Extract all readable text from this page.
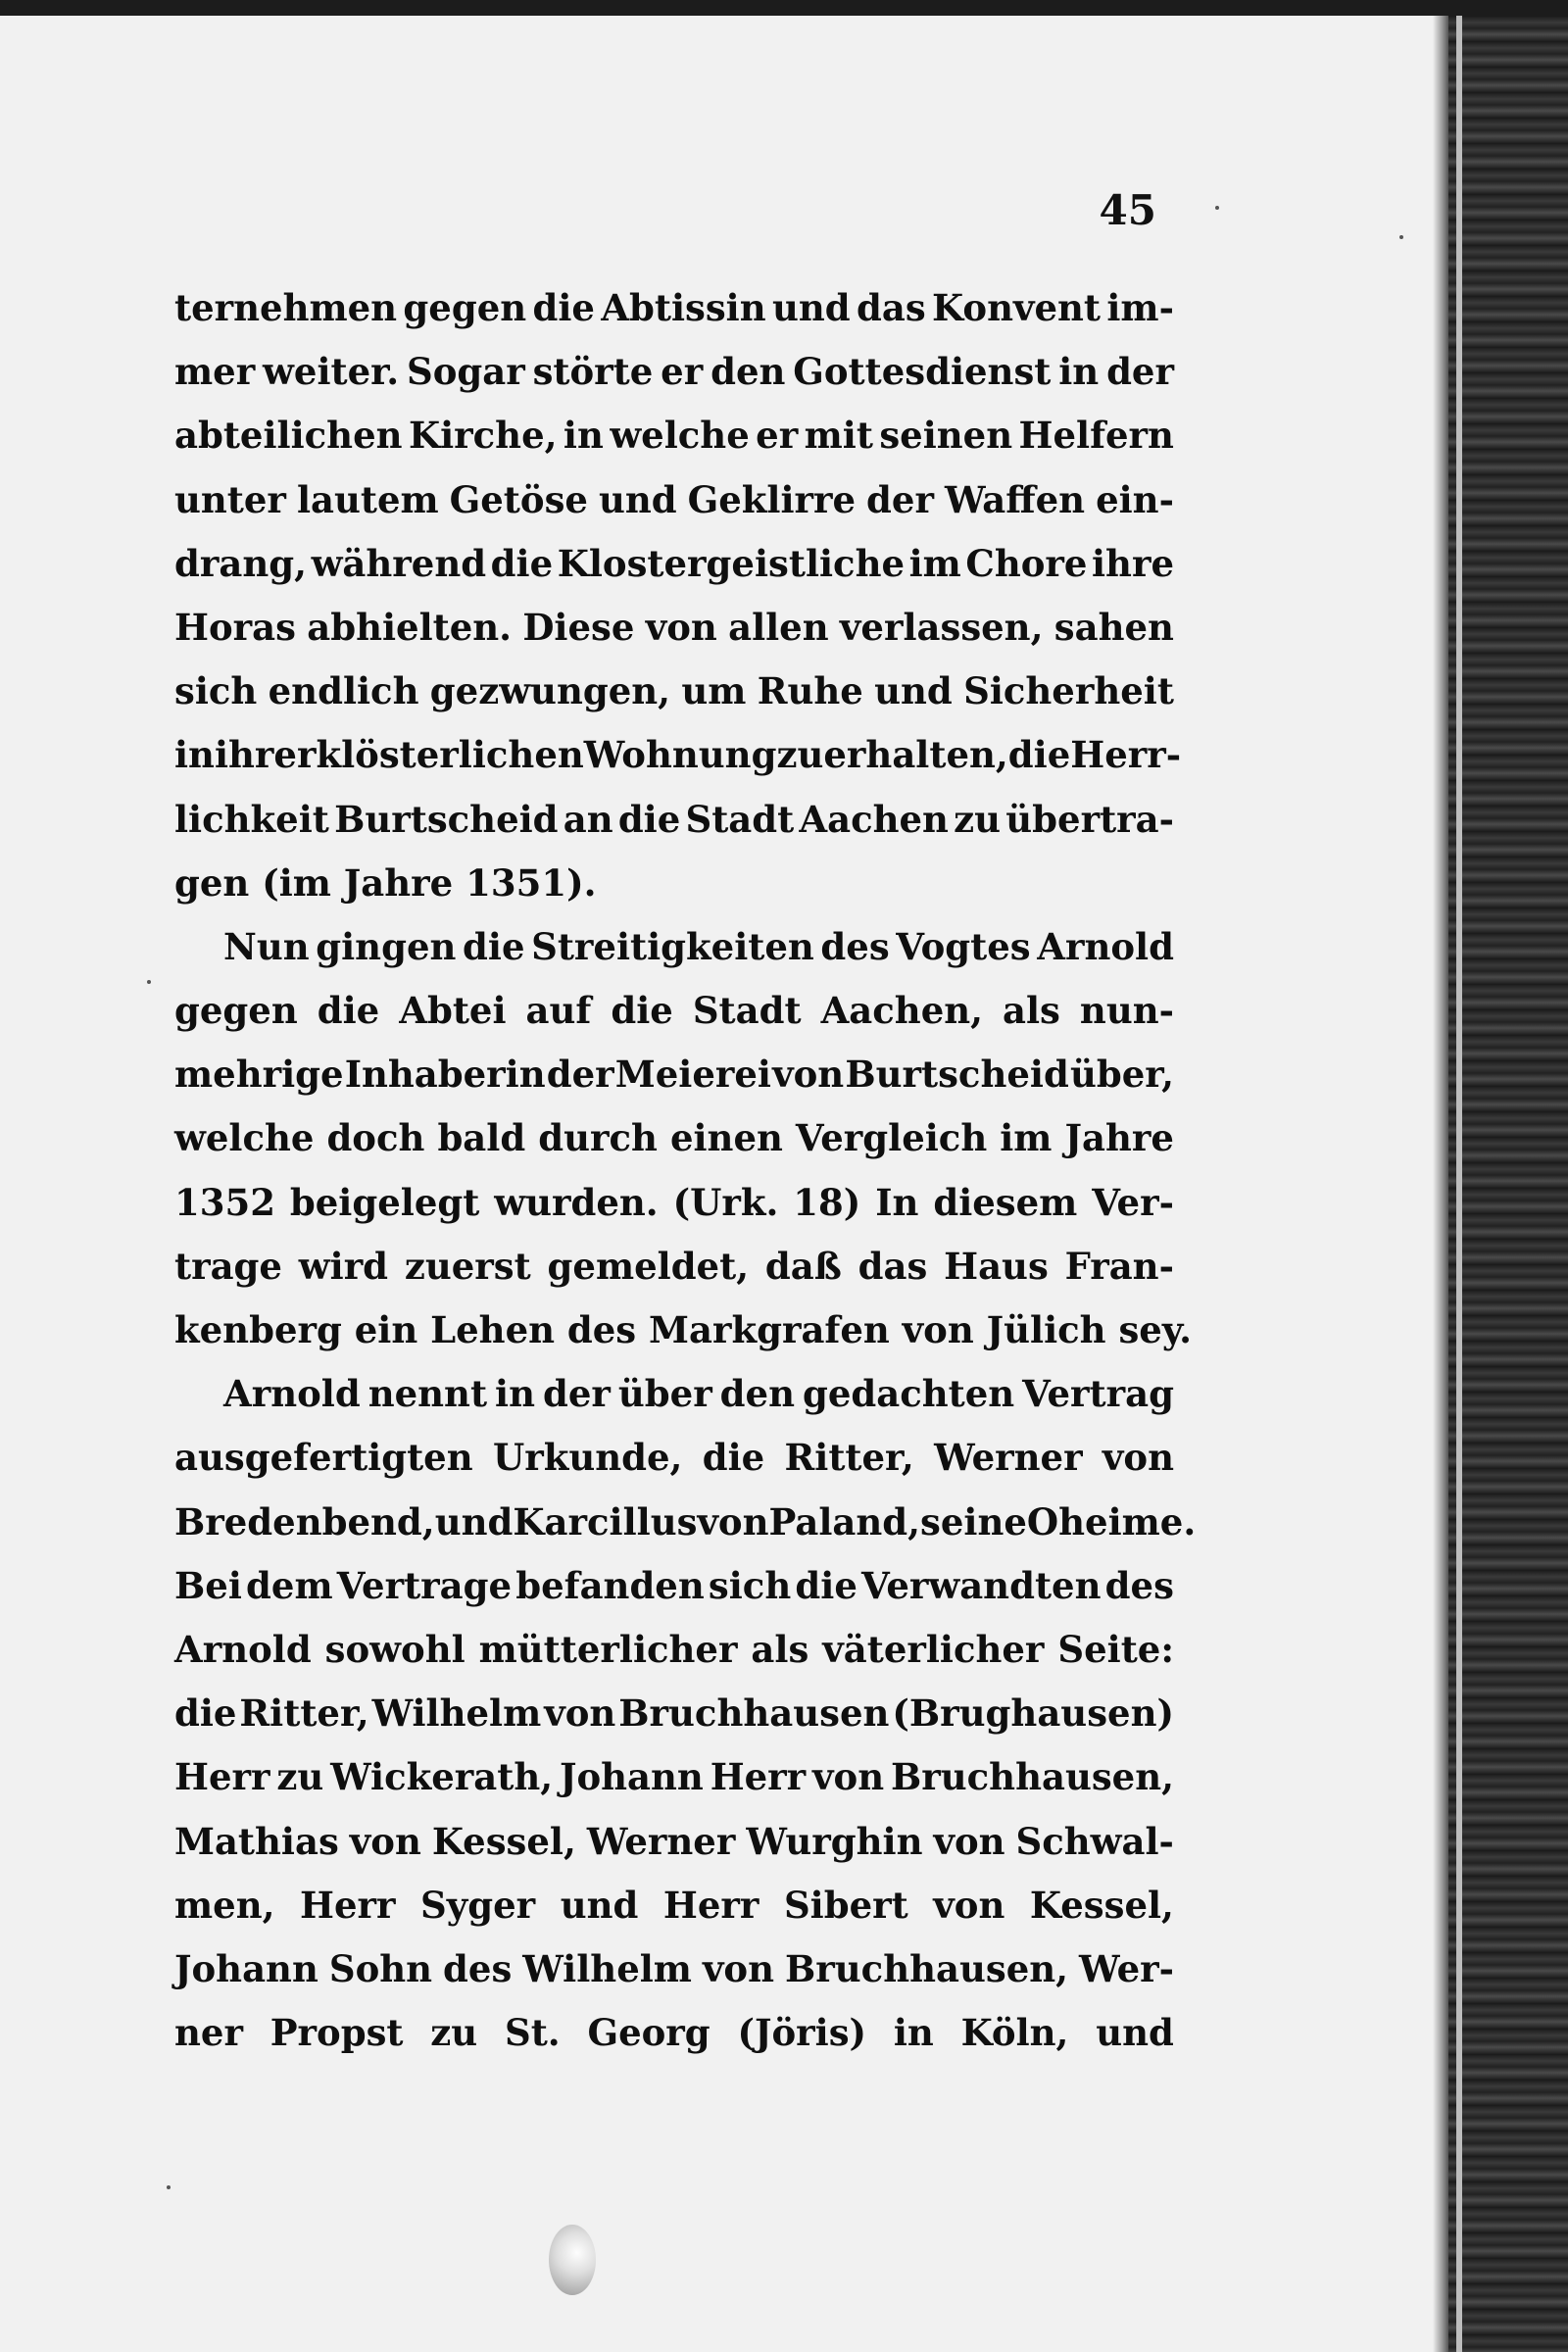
45
ternehmen gegen die Abtissin und das Konvent im-
mer weiter. Sogar störte er den Gottesdienst in der
abteilichen Kirche, in welche er mit seinen Helfern
unter lautem Getöse und Geklirre der Waffen ein-
drang, während die Klostergeistliche im Chore ihre
Horas abhielten. Diese von allen verlassen, sahen
sich endlich gezwungen, um Ruhe und Sicherheit
in ihrer klösterlichen Wohnung zu erhalten, die Herr-
lichkeit Burtscheid an die Stadt Aachen zu übertra-
gen (im Jahre 1351).
Nun gingen die Streitigkeiten des Vogtes Arnold
gegen die Abtei auf die Stadt Aachen, als nun-
mehrige Inhaberin der Meierei von Burtscheid über,
welche doch bald durch einen Vergleich im Jahre
1352 beigelegt wurden. (Urk. 18) In diesem Ver-
trage wird zuerst gemeldet, daß das Haus Fran-
kenberg ein Lehen des Markgrafen von Jülich sey.
Arnold nennt in der über den gedachten Vertrag
ausgefertigten Urkunde, die Ritter, Werner von
Bredenbend, und Karcillus von Paland, seine Oheime.
Bei dem Vertrage befanden sich die Verwandten des
Arnold sowohl mütterlicher als väterlicher Seite:
die Ritter, Wilhelm von Bruchhausen (Brughausen)
Herr zu Wickerath, Johann Herr von Bruchhausen,
Mathias von Kessel, Werner Wurghin von Schwal-
men, Herr Syger und Herr Sibert von Kessel,
Johann Sohn des Wilhelm von Bruchhausen, Wer-
ner Propst zu St. Georg (Jöris) in Köln, und
